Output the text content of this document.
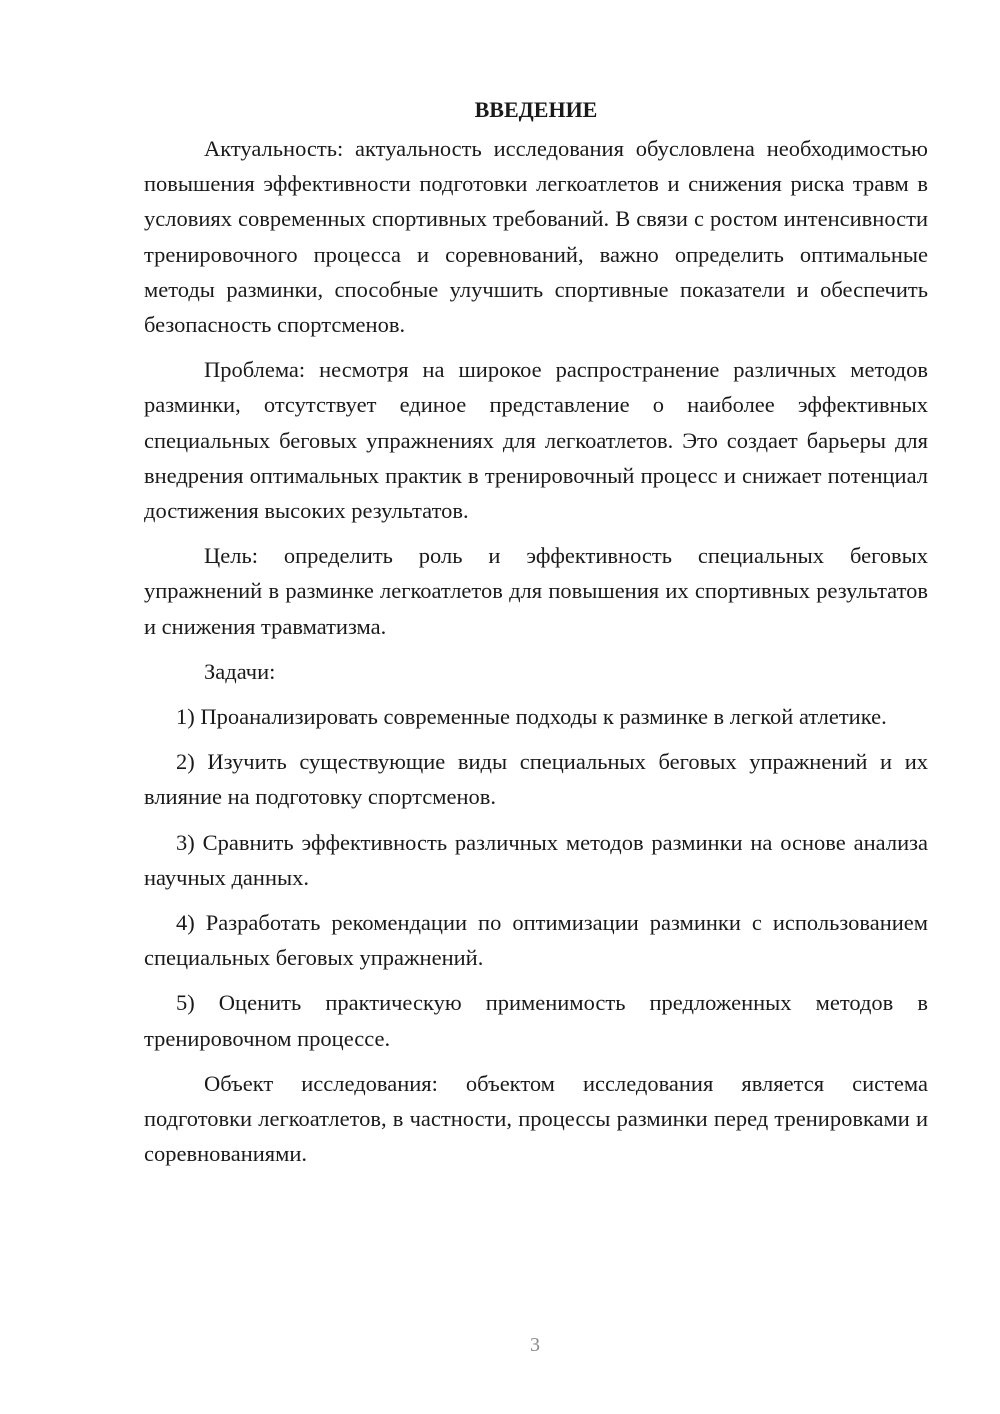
ВВЕДЕНИЕ

Актуальность: актуальность исследования обусловлена необходимостью повышения эффективности подготовки легкоатлетов и снижения риска травм в условиях современных спортивных требований. В связи с ростом интенсивности тренировочного процесса и соревнований, важно определить оптимальные методы разминки, способные улучшить спортивные показатели и обеспечить безопасность спортсменов.

Проблема: несмотря на широкое распространение различных методов разминки, отсутствует единое представление о наиболее эффективных специальных беговых упражнениях для легкоатлетов. Это создает барьеры для внедрения оптимальных практик в тренировочный процесс и снижает потенциал достижения высоких результатов.

Цель: определить роль и эффективность специальных беговых упражнений в разминке легкоатлетов для повышения их спортивных результатов и снижения травматизма.

Задачи:

1) Проанализировать современные подходы к разминке в легкой атлетике.

2) Изучить существующие виды специальных беговых упражнений и их влияние на подготовку спортсменов.

3) Сравнить эффективность различных методов разминки на основе анализа научных данных.

4) Разработать рекомендации по оптимизации разминки с использованием специальных беговых упражнений.

5) Оценить практическую применимость предложенных методов в тренировочном процессе.

Объект исследования: объектом исследования является система подготовки легкоатлетов, в частности, процессы разминки перед тренировками и соревнованиями.

3
